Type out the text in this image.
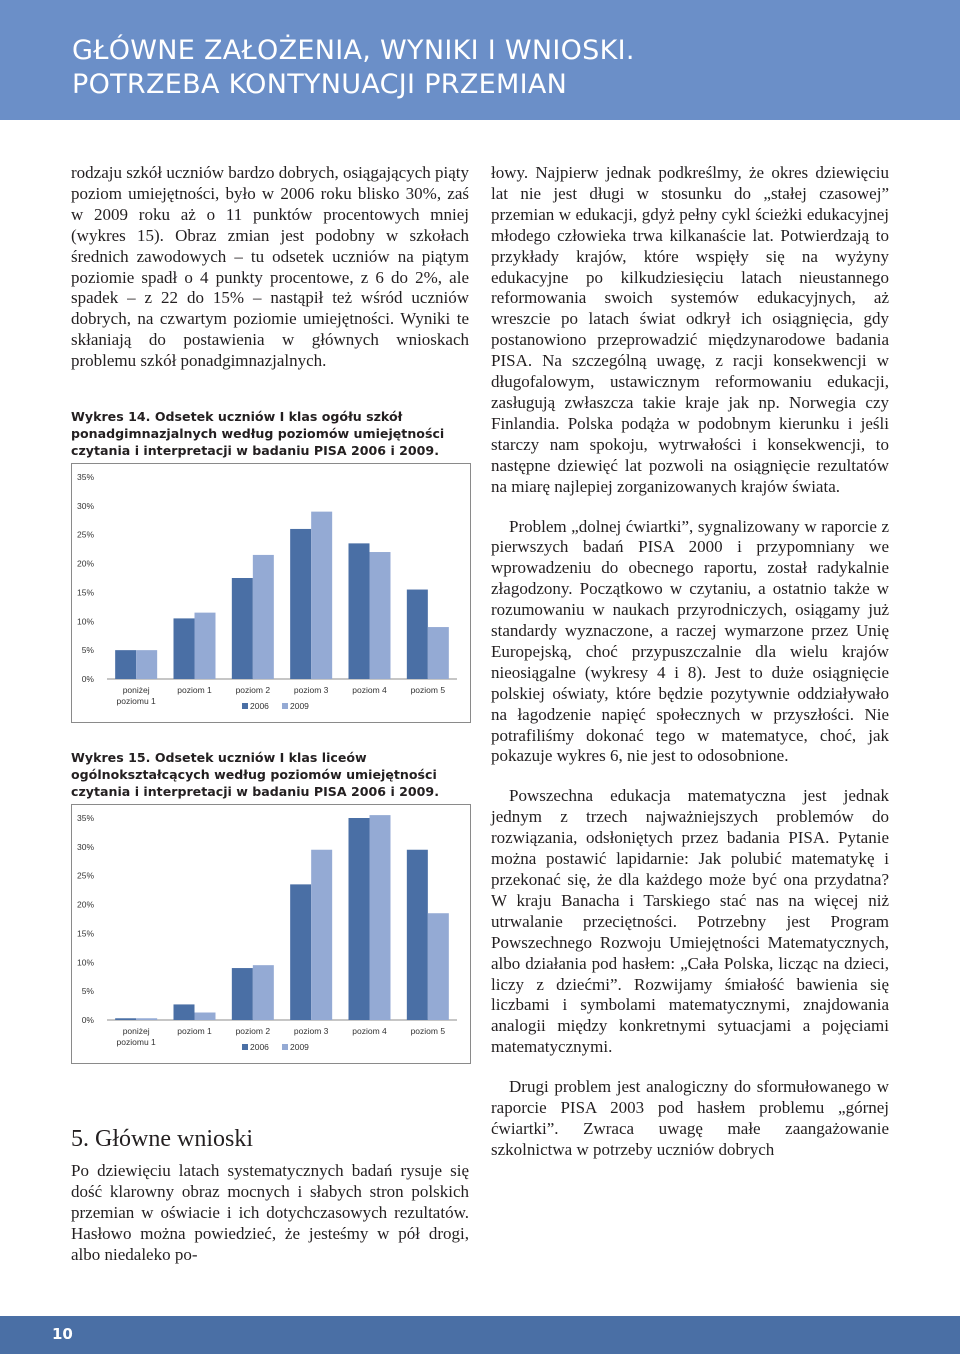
GŁÓWNE ZAŁOŻENIA, WYNIKI I WNIOSKI.
POTRZEBA KONTYNUACJI PRZEMIAN

rodzaju szkół uczniów bardzo dobrych, osiągających piąty poziom umiejętności, było w 2006 roku blisko 30%, zaś w 2009 roku aż o 11 punktów procentowych mniej (wykres 15). Obraz zmian jest podobny w szkołach średnich zawodowych – tu odsetek uczniów na piątym poziomie spadł o 4 punkty procentowe, z 6 do 2%, ale spadek – z 22 do 15% – nastąpił też wśród uczniów dobrych, na czwartym poziomie umiejętności. Wyniki te skłaniają do postawienia w głównych wnioskach problemu szkół ponadgimnazjalnych.

Wykres 14. Odsetek uczniów I klas ogółu szkół ponadgimnazjalnych według poziomów umiejętności czytania i interpretacji w badaniu PISA 2006 i 2009.
0%
5%
10%
15%
20%
25%
30%
35%
poniżej
poziomu 1
poziom 1	poziom 2	poziom 3	poziom 4	poziom 5
2006 2009
Wykres 15. Odsetek uczniów I klas liceów ogólnokształcących według poziomów umiejętności czytania i interpretacji w badaniu PISA 2006 i 2009.
0%
5%
10%
15%
20%
25%
30%
35%
poniżej
poziomu 1
poziom 1	poziom 2	poziom 3	poziom 4	poziom 5
2006 2009
5. Główne wnioski
Po dziewięciu latach systematycznych badań rysuje się dość klarowny obraz mocnych i słabych stron polskich przemian w oświacie i ich dotychczasowych rezultatów. Hasłowo można powiedzieć, że jesteśmy w pół drogi, albo niedaleko po-

łowy. Najpierw jednak podkreślmy, że okres dziewięciu lat nie jest długi w stosunku do „stałej czasowej” przemian w edukacji, gdyż pełny cykl ścieżki edukacyjnej młodego człowieka trwa kilkanaście lat. Potwierdzają to przykłady krajów, które wspięły się na wyżyny edukacyjne po kilkudziesięciu latach nieustannego reformowania swoich systemów edukacyjnych, aż wreszcie po latach świat odkrył ich osiągnięcia, gdy postanowiono przeprowadzić międzynarodowe badania PISA. Na szczególną uwagę, z racji konsekwencji w długofalowym, ustawicznym reformowaniu edukacji, zasługują zwłaszcza takie kraje jak np. Norwegia czy Finlandia. Polska podąża w podobnym kierunku i jeśli starczy nam spokoju, wytrwałości i konsekwencji, to następne dziewięć lat pozwoli na osiągnięcie rezultatów na miarę najlepiej zorganizowanych krajów świata.

Problem „dolnej ćwiartki”, sygnalizowany w raporcie z pierwszych badań PISA 2000 i przypomniany we wprowadzeniu do obecnego raportu, został radykalnie złagodzony. Początkowo w czytaniu, a ostatnio także w rozumowaniu w naukach przyrodniczych, osiągamy już standardy wyznaczone, a raczej wymarzone przez Unię Europejską, choć przypuszczalnie dla wielu krajów nieosiągalne (wykresy 4 i 8). Jest to duże osiągnięcie polskiej oświaty, które będzie pozytywnie oddziaływało na łagodzenie napięć społecznych w przyszłości. Nie potrafiliśmy dokonać tego w matematyce, choć, jak pokazuje wykres 6, nie jest to odosobnione.

Powszechna edukacja matematyczna jest jednak jednym z trzech najważniejszych problemów do rozwiązania, odsłoniętych przez badania PISA. Pytanie można postawić lapidarnie: Jak polubić matematykę i przekonać się, że dla każdego może być ona przydatna? W kraju Banacha i Tarskiego stać nas na więcej niż utrwalanie przeciętności. Potrzebny jest Program Powszechnego Rozwoju Umiejętności Matematycznych, albo działania pod hasłem: „Cała Polska, licząc na dzieci, liczy z dziećmi”. Rozwijamy śmiałość bawienia się liczbami i symbolami matematycznymi, znajdowania analogii między konkretnymi sytuacjami a pojęciami matematycznymi.

Drugi problem jest analogiczny do sformułowanego w raporcie PISA 2003 pod hasłem problemu „górnej ćwiartki”. Zwraca uwagę małe zaangażowanie szkolnictwa w potrzeby uczniów dobrych

10
